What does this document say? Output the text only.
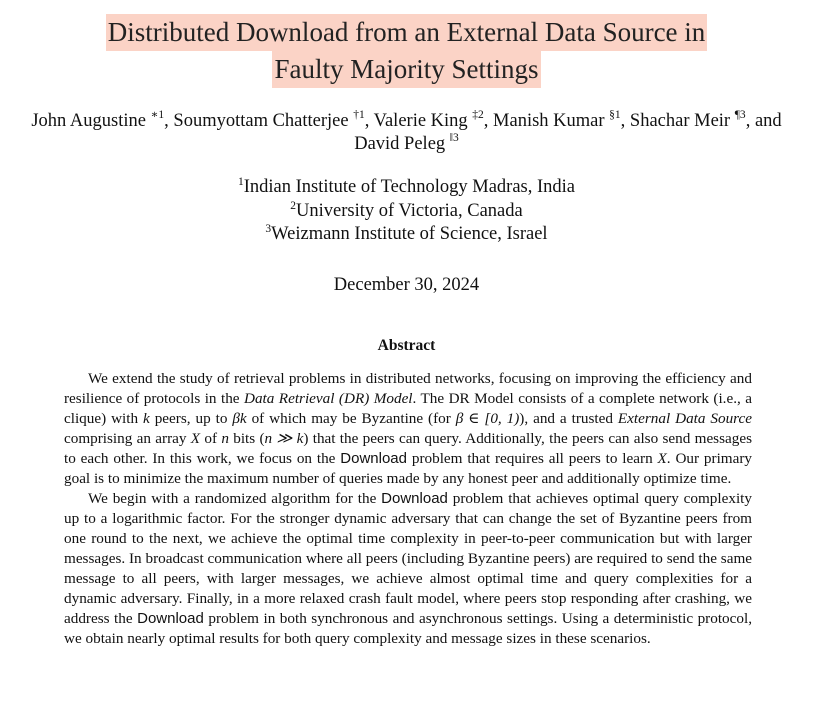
Distributed Download from an External Data Source in
Faulty Majority Settings
John Augustine $^{∗1}$, Soumyottam Chatterjee $^{\dagger 1}$, Valerie King $^{\ddagger 2}$, Manish Kumar $^{\S 1}$, Shachar Meir $^{\P 3}$, and David Peleg $^{‖3}$
$^1$Indian Institute of Technology Madras, India
$^2$University of Victoria, Canada
$^3$Weizmann Institute of Science, Israel
December 30, 2024
Abstract

We extend the study of retrieval problems in distributed networks, focusing on improving the efficiency and resilience of protocols in the Data Retrieval (DR) Model. The DR Model consists of a complete network (i.e., a clique) with k peers, up to βk of which may be Byzantine (for β ∈ [0, 1)), and a trusted External Data Source comprising an array X of n bits (n ≫ k) that the peers can query. Additionally, the peers can also send messages to each other. In this work, we focus on the Download problem that requires all peers to learn X. Our primary goal is to minimize the maximum number of queries made by any honest peer and additionally optimize time.

We begin with a randomized algorithm for the Download problem that achieves optimal query complexity up to a logarithmic factor. For the stronger dynamic adversary that can change the set of Byzantine peers from one round to the next, we achieve the optimal time complexity in peer-to-peer communication but with larger messages. In broadcast communication where all peers (including Byzantine peers) are required to send the same message to all peers, with larger messages, we achieve almost optimal time and query complexities for a dynamic adversary. Finally, in a more relaxed crash fault model, where peers stop responding after crashing, we address the Download problem in both synchronous and asynchronous settings. Using a deterministic protocol, we obtain nearly optimal results for both query complexity and message sizes in these scenarios.
